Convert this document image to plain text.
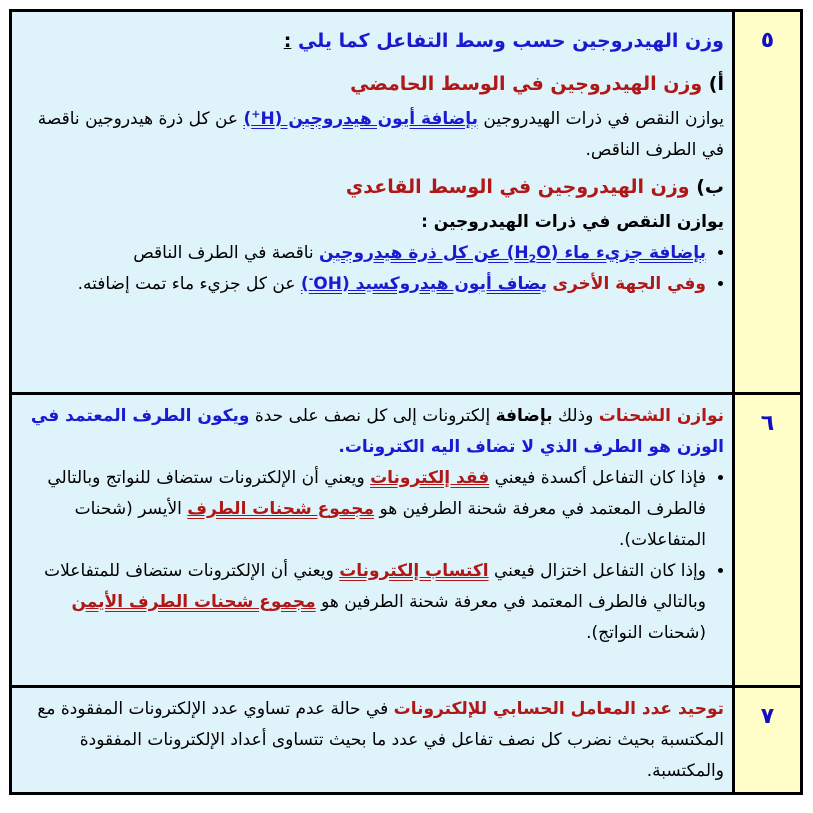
٥

وزن الهيدروجين حسب وسط التفاعل كما يلي :

أ) وزن الهيدروجين في الوسط الحامضي

يوازن النقص في ذرات الهيدروجين بإضافة أيون هيدروجين (H+) عن كل ذرة هيدروجين ناقصة في الطرف الناقص.

ب) وزن الهيدروجين في الوسط القاعدي

يوازن النقص في ذرات الهيدروجين :

• بإضافة جزيء ماء $(H_2O)$ عن كل ذرة هيدروجين ناقصة في الطرف الناقص
• وفي الجهة الأخرى يضاف أيون هيدروكسيد (OH-) عن كل جزيء ماء تمت إضافته.
٦

نوازن الشحنات وذلك بإضافة إلكترونات إلى كل نصف على حدة ويكون الطرف المعتمد في الوزن هو الطرف الذي لا تضاف اليه الكترونات.

• فإذا كان التفاعل أكسدة فيعني فقد إلكترونات ويعني أن الإلكترونات ستضاف للنواتج وبالتالي فالطرف المعتمد في معرفة شحنة الطرفين هو مجموع شحنات الطرف الأيسر (شحنات المتفاعلات).
• وإذا كان التفاعل اختزال فيعني اكتساب إلكترونات ويعني أن الإلكترونات ستضاف للمتفاعلات وبالتالي فالطرف المعتمد في معرفة شحنة الطرفين هو مجموع شحنات الطرف الأيمن (شحنات النواتج).
٧

توحيد عدد المعامل الحسابي للإلكترونات في حالة عدم تساوي عدد الإلكترونات المفقودة مع المكتسبة بحيث نضرب كل نصف تفاعل في عدد ما بحيث تتساوى أعداد الإلكترونات المفقودة والمكتسبة.
